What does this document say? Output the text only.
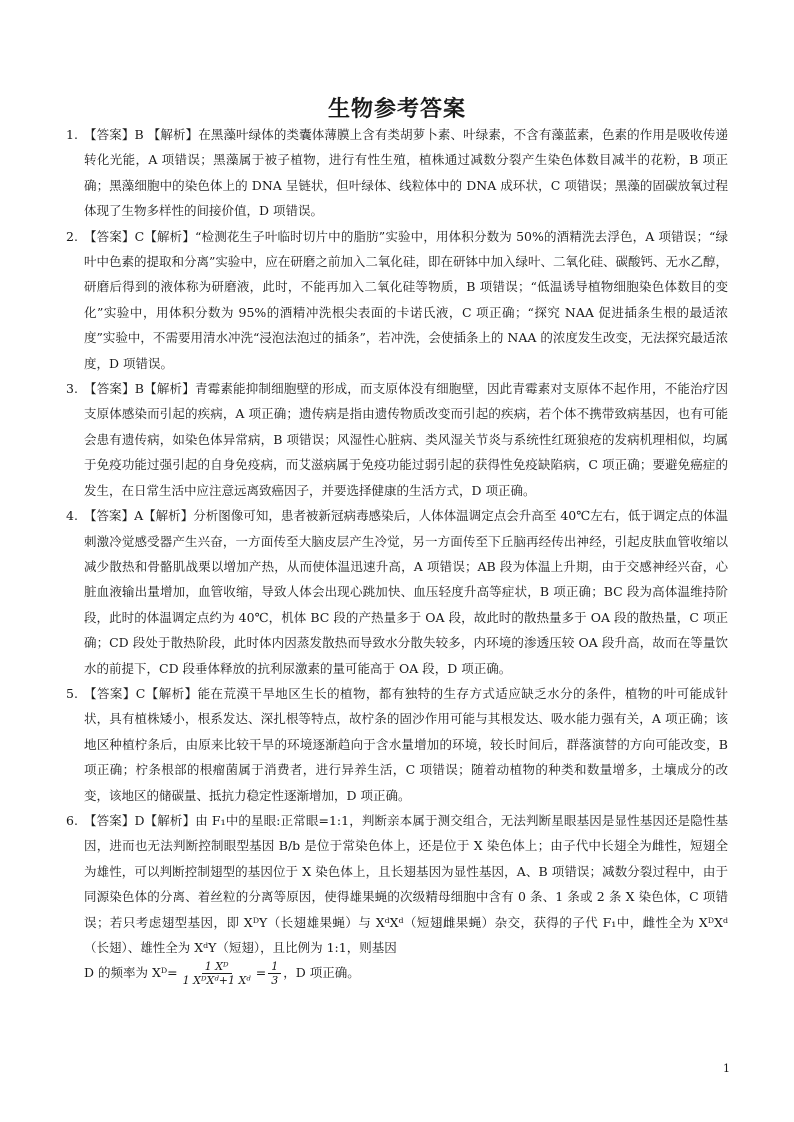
生物参考答案

1. 【答案】B 【解析】在黑藻叶绿体的类囊体薄膜上含有类胡萝卜素、叶绿素，不含有藻蓝素，色素的作用是吸收传递转化光能，A 项错误；黑藻属于被子植物，进行有性生殖，植株通过减数分裂产生染色体数目减半的花粉，B 项正确；黑藻细胞中的染色体上的 DNA 呈链状，但叶绿体、线粒体中的 DNA 成环状，C 项错误；黑藻的固碳放氧过程体现了生物多样性的间接价值，D 项错误。

2. 【答案】C【解析】“检测花生子叶临时切片中的脂肪”实验中，用体积分数为 50%的酒精洗去浮色，A 项错误；“绿叶中色素的提取和分离”实验中，应在研磨之前加入二氧化硅，即在研钵中加入绿叶、二氧化硅、碳酸钙、无水乙醇，研磨后得到的液体称为研磨液，此时，不能再加入二氧化硅等物质，B 项错误；“低温诱导植物细胞染色体数目的变化”实验中，用体积分数为 95%的酒精冲洗根尖表面的卡诺氏液，C 项正确；“探究 NAA 促进插条生根的最适浓度”实验中，不需要用清水冲洗“浸泡法泡过的插条”，若冲洗，会使插条上的 NAA 的浓度发生改变，无法探究最适浓度，D 项错误。

3. 【答案】B【解析】青霉素能抑制细胞壁的形成，而支原体没有细胞壁，因此青霉素对支原体不起作用，不能治疗因支原体感染而引起的疾病，A 项正确；遗传病是指由遗传物质改变而引起的疾病，若个体不携带致病基因，也有可能会患有遗传病，如染色体异常病，B 项错误；风湿性心脏病、类风湿关节炎与系统性红斑狼疮的发病机理相似，均属于免疫功能过强引起的自身免疫病，而艾滋病属于免疫功能过弱引起的获得性免疫缺陷病，C 项正确；要避免癌症的发生，在日常生活中应注意远离致癌因子，并要选择健康的生活方式，D 项正确。

4. 【答案】A【解析】分析图像可知，患者被新冠病毒感染后，人体体温调定点会升高至 40℃左右，低于调定点的体温刺激冷觉感受器产生兴奋，一方面传至大脑皮层产生冷觉，另一方面传至下丘脑再经传出神经，引起皮肤血管收缩以减少散热和骨骼肌战栗以增加产热，从而使体温迅速升高，A 项错误；AB 段为体温上升期，由于交感神经兴奋，心脏血液输出量增加，血管收缩，导致人体会出现心跳加快、血压轻度升高等症状，B 项正确；BC 段为高体温维持阶段，此时的体温调定点约为 40℃，机体 BC 段的产热量多于 OA 段，故此时的散热量多于 OA 段的散热量，C 项正确；CD 段处于散热阶段，此时体内因蒸发散热而导致水分散失较多，内环境的渗透压较 OA 段升高，故而在等量饮水的前提下，CD 段垂体释放的抗利尿激素的量可能高于 OA 段，D 项正确。

5. 【答案】C【解析】能在荒漠干旱地区生长的植物，都有独特的生存方式适应缺乏水分的条件，植物的叶可能成针状，具有植株矮小，根系发达、深扎根等特点，故柠条的固沙作用可能与其根发达、吸水能力强有关，A 项正确；该地区种植柠条后，由原来比较干旱的环境逐渐趋向于含水量增加的环境，较长时间后，群落演替的方向可能改变，B 项正确；柠条根部的根瘤菌属于消费者，进行异养生活，C 项错误；随着动植物的种类和数量增多，土壤成分的改变，该地区的储碳量、抵抗力稳定性逐渐增加，D 项正确。

6. 【答案】D【解析】由 F₁中的星眼:正常眼=1:1，判断亲本属于测交组合，无法判断星眼基因是显性基因还是隐性基因，进而也无法判断控制眼型基因 B/b 是位于常染色体上，还是位于 X 染色体上；由子代中长翅全为雌性，短翅全为雄性，可以判断控制翅型的基因位于 X 染色体上，且长翅基因为显性基因，A、B 项错误；减数分裂过程中，由于同源染色体的分离、着丝粒的分离等原因，使得雄果蝇的次级精母细胞中含有 0 条、1 条或 2 条 X 染色体，C 项错误；若只考虑翅型基因，即 XᴰY（长翅雄果蝇）与 XᵈXᵈ（短翅雌果蝇）杂交，获得的子代 F₁中，雌性全为 XᴰXᵈ（长翅）、雄性全为 XᵈY（短翅），且比例为 1:1，则基因
D 的频率为 Xᴰ= $\frac{\text{1 Xᴰ}}{\text{1 XᴰXᵈ+1 Xᵈ}} = \frac{1}{3}$ ，D 项正确。

1
